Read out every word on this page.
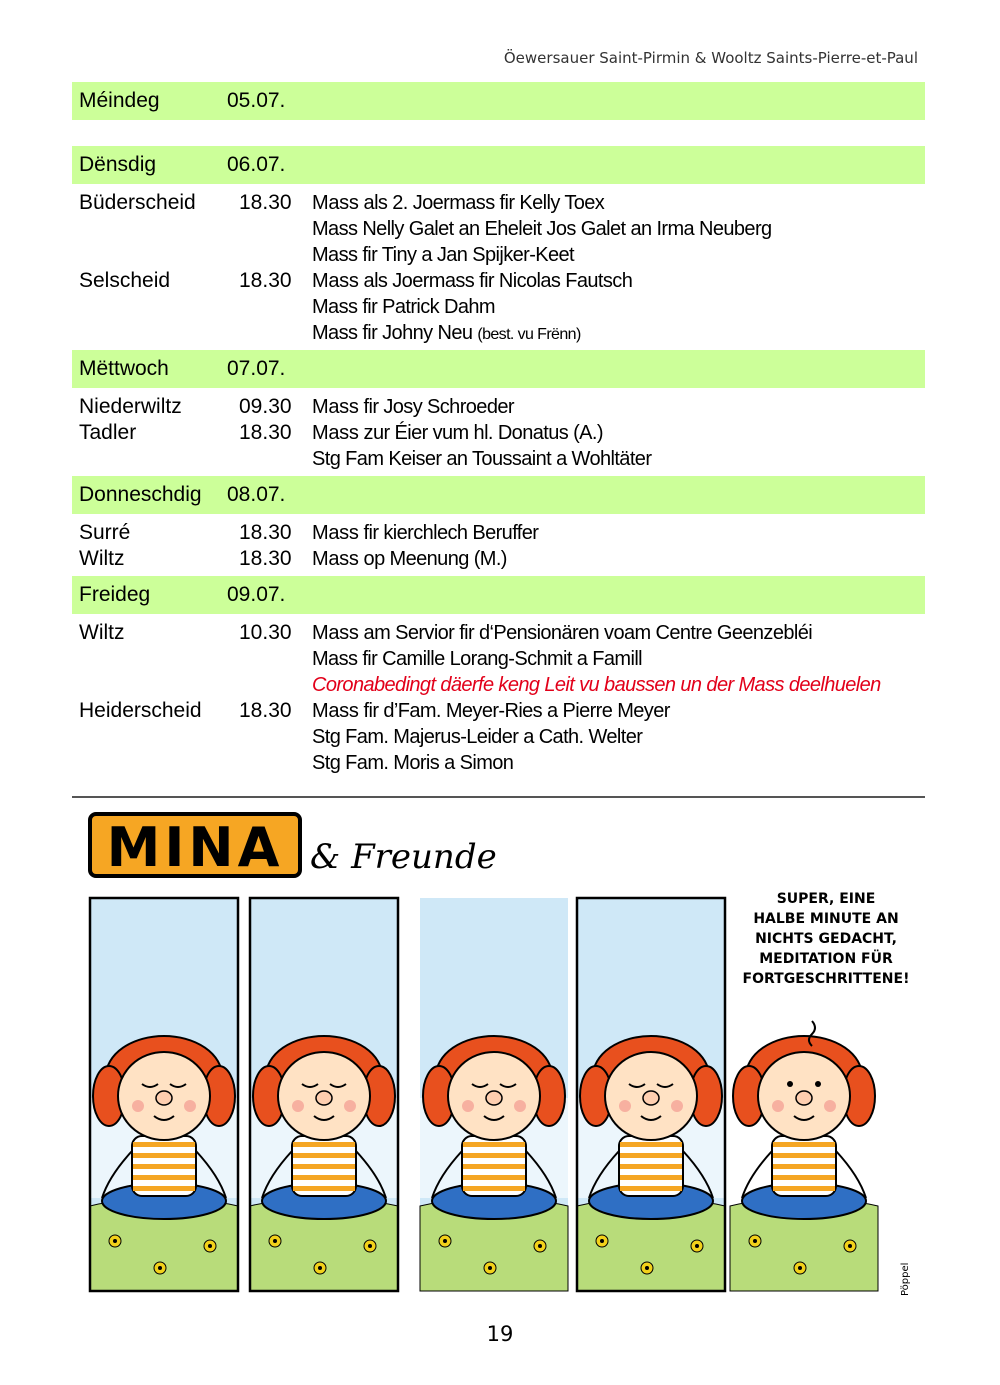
Öewersauer Saint-Pirmin & Wooltz Saints-Pierre-et-Paul
Méindeg	05.07.
Dënsdig	06.07.
Büderscheid	18.30	Mass als 2. Joermass fir Kelly Toex
Mass Nelly Galet an Eheleit Jos Galet an Irma Neuberg
Mass fir Tiny a Jan Spijker-Keet
Selscheid	18.30	Mass als Joermass fir Nicolas Fautsch
Mass fir Patrick Dahm
Mass fir Johny Neu (best. vu Frënn)
Mëttwoch	07.07.
Niederwiltz	09.30	Mass fir Josy Schroeder
Tadler	18.30	Mass zur Éier vum hl. Donatus (A.)
Stg Fam Keiser an Toussaint a Wohltäter
Donneschdig	08.07.
Surré	18.30	Mass fir kierchlech Beruffer
Wiltz	18.30	Mass op Meenung (M.)
Freideg	09.07.
Wiltz	10.30	Mass am Servior fir d‘Pensionären voam Centre Geenzebléi
Mass fir Camille Lorang-Schmit a Famill
Coronabedingt däerfe keng Leit vu baussen un der Mass deelhuelen
Heiderscheid	18.30	Mass fir d’Fam. Meyer-Ries a Pierre Meyer
Stg Fam. Majerus-Leider a Cath. Welter
Stg Fam. Moris a Simon
MINA & Freunde
SUPER, EINE
HALBE MINUTE AN
NICHTS GEDACHT,
MEDITATION FÜR
FORTGESCHRITTENE!
Pöppel
19
